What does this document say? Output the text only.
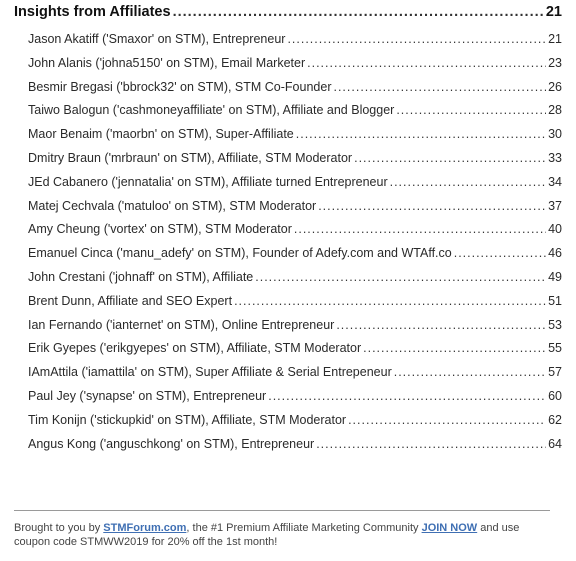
Insights from Affiliates .....	21
Jason Akatiff ('Smaxor' on STM), Entrepreneur .....	21
John Alanis ('johna5150' on STM), Email Marketer .....	23
Besmir Bregasi ('bbrock32' on STM), STM Co-Founder .....	26
Taiwo Balogun ('cashmoneyaffiliate' on STM), Affiliate and Blogger .....	28
Maor Benaim ('maorbn' on STM), Super-Affiliate .....	30
Dmitry Braun ('mrbraun' on STM), Affiliate, STM Moderator .....	33
JEd Cabanero ('jennatalia' on STM), Affiliate turned Entrepreneur .....	34
Matej Cechvala ('matuloo' on STM), STM Moderator .....	37
Amy Cheung ('vortex' on STM), STM Moderator .....	40
Emanuel Cinca ('manu_adefy' on STM), Founder of Adefy.com and WTAff.co .....	46
John Crestani ('johnaff' on STM), Affiliate .....	49
Brent Dunn, Affiliate and SEO Expert .....	51
Ian Fernando ('ianternet' on STM), Online Entrepreneur .....	53
Erik Gyepes ('erikgyepes' on STM), Affiliate, STM Moderator .....	55
IAmAttila ('iamattila' on STM), Super Affiliate & Serial Entrepeneur .....	57
Paul Jey ('synapse' on STM), Entrepreneur .....	60
Tim Konijn ('stickupkid' on STM), Affiliate, STM Moderator .....	62
Angus Kong ('anguschkong' on STM), Entrepreneur .....	64
Brought to you by STMForum.com, the #1 Premium Affiliate Marketing Community JOIN NOW and use coupon code STMWW2019 for 20% off the 1st month!
